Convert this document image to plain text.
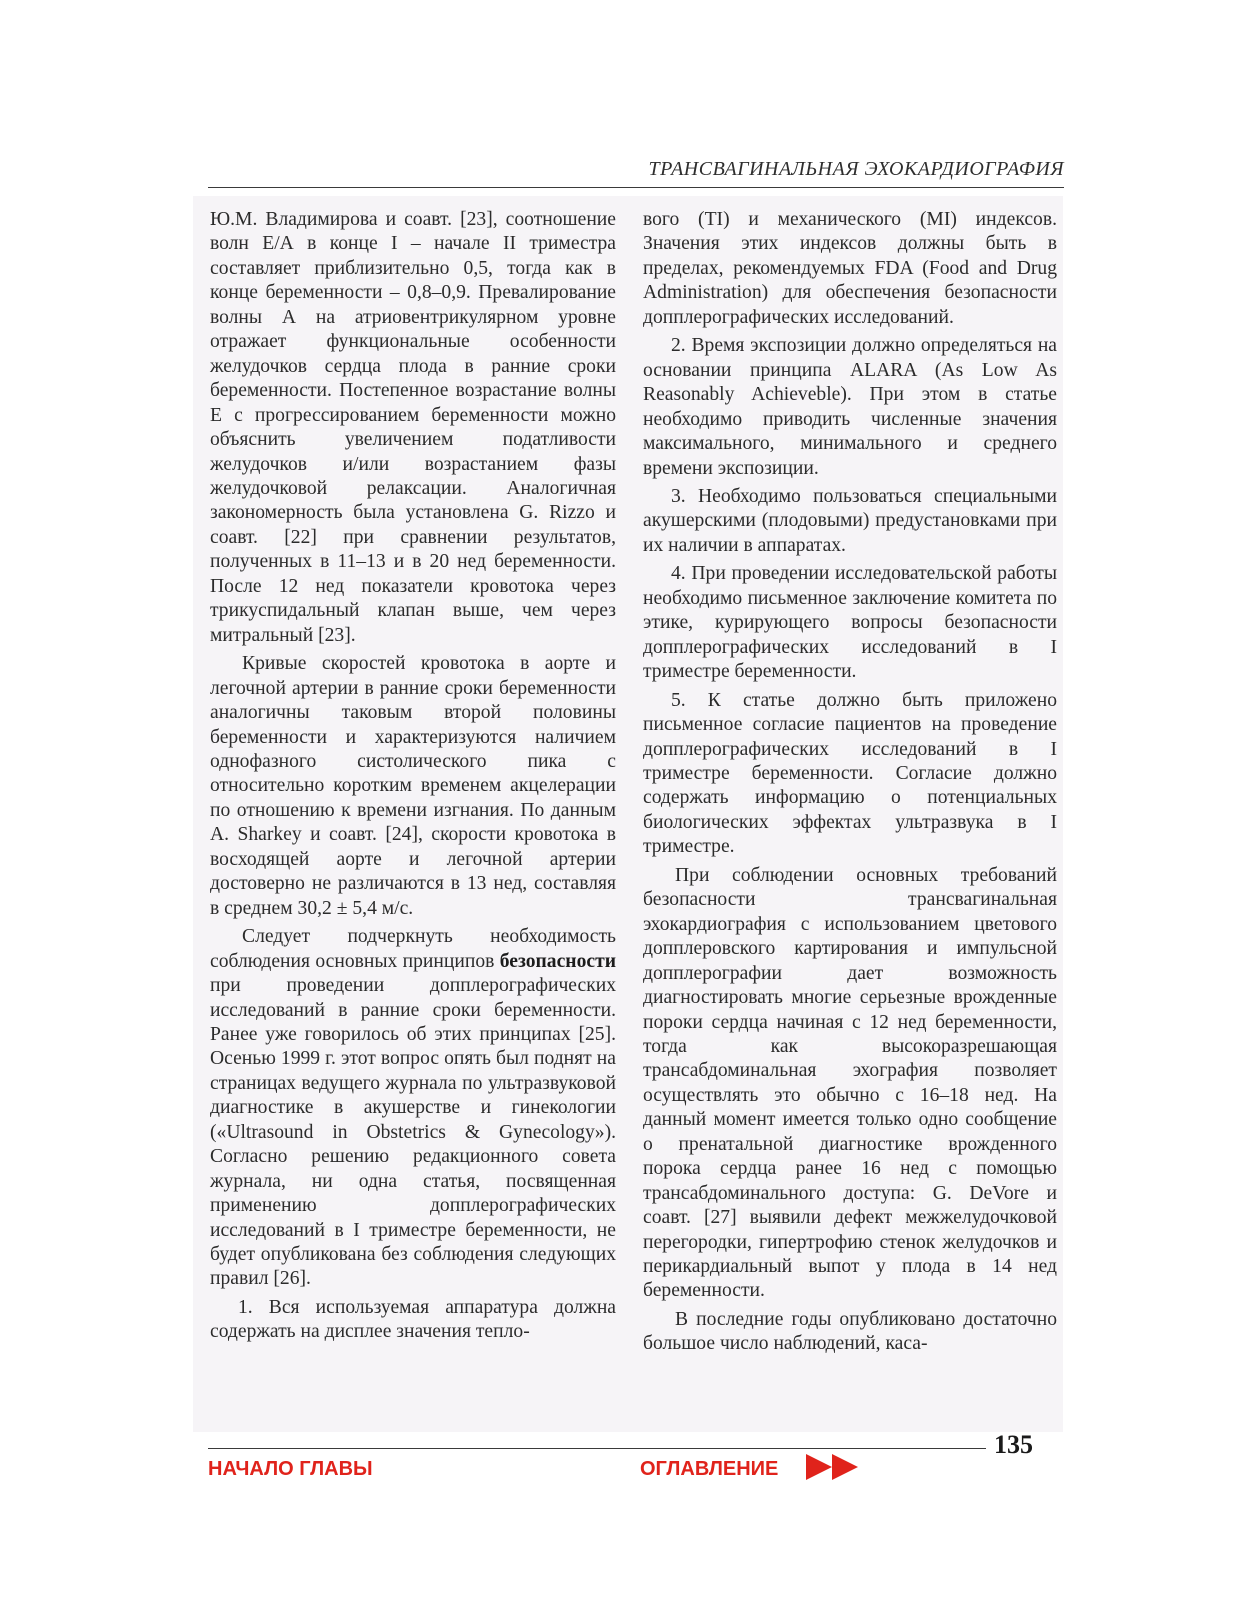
ТРАНСВАГИНАЛЬНАЯ ЭХОКАРДИОГРАФИЯ

Ю.М. Владимирова и соавт. [23], соотношение волн Е/А в конце I – начале II триместра составляет приблизительно 0,5, тогда как в конце беременности – 0,8–0,9. Превалирование волны А на атриовентрикулярном уровне отражает функциональные особенности желудочков сердца плода в ранние сроки беременности. Постепенное возрастание волны Е с прогрессированием беременности можно объяснить увеличением податливости желудочков и/или возрастанием фазы желудочковой релаксации. Аналогичная закономерность была установлена G. Rizzo и соавт. [22] при сравнении результатов, полученных в 11–13 и в 20 нед беременности. После 12 нед показатели кровотока через трикуспидальный клапан выше, чем через митральный [23].

Кривые скоростей кровотока в аорте и легочной артерии в ранние сроки беременности аналогичны таковым второй половины беременности и характеризуются наличием однофазного систолического пика с относительно коротким временем акцелерации по отношению к времени изгнания. По данным A. Sharkey и соавт. [24], скорости кровотока в восходящей аорте и легочной артерии достоверно не различаются в 13 нед, составляя в среднем 30,2 ± 5,4 м/с.

Следует подчеркнуть необходимость соблюдения основных принципов безопасности при проведении допплерографических исследований в ранние сроки беременности. Ранее уже говорилось об этих принципах [25]. Осенью 1999 г. этот вопрос опять был поднят на страницах ведущего журнала по ультразвуковой диагностике в акушерстве и гинекологии («Ultrasound in Obstetrics & Gynecology»). Согласно решению редакционного совета журнала, ни одна статья, посвященная применению допплерографических исследований в I триместре беременности, не будет опубликована без соблюдения следующих правил [26].

1. Вся используемая аппаратура должна содержать на дисплее значения тепло-

вого (TI) и механического (MI) индексов. Значения этих индексов должны быть в пределах, рекомендуемых FDA (Food and Drug Administration) для обеспечения безопасности допплерографических исследований.

2. Время экспозиции должно определяться на основании принципа ALARA (As Low As Reasonably Achieveble). При этом в статье необходимо приводить численные значения максимального, минимального и среднего времени экспозиции.

3. Необходимо пользоваться специальными акушерскими (плодовыми) предустановками при их наличии в аппаратах.

4. При проведении исследовательской работы необходимо письменное заключение комитета по этике, курирующего вопросы безопасности допплерографических исследований в I триместре беременности.

5. К статье должно быть приложено письменное согласие пациентов на проведение допплерографических исследований в I триместре беременности. Согласие должно содержать информацию о потенциальных биологических эффектах ультразвука в I триместре.

При соблюдении основных требований безопасности трансвагинальная эхокардиография с использованием цветового допплеровского картирования и импульсной допплерографии дает возможность диагностировать многие серьезные врожденные пороки сердца начиная с 12 нед беременности, тогда как высокоразрешающая трансабдоминальная эхография позволяет осуществлять это обычно с 16–18 нед. На данный момент имеется только одно сообщение о пренатальной диагностике врожденного порока сердца ранее 16 нед с помощью трансабдоминального доступа: G. DeVore и соавт. [27] выявили дефект межжелудочковой перегородки, гипертрофию стенок желудочков и перикардиальный выпот у плода в 14 нед беременности.

В последние годы опубликовано достаточно большое число наблюдений, каса-

135
НАЧАЛО ГЛАВЫ	ОГЛАВЛЕНИЕ
